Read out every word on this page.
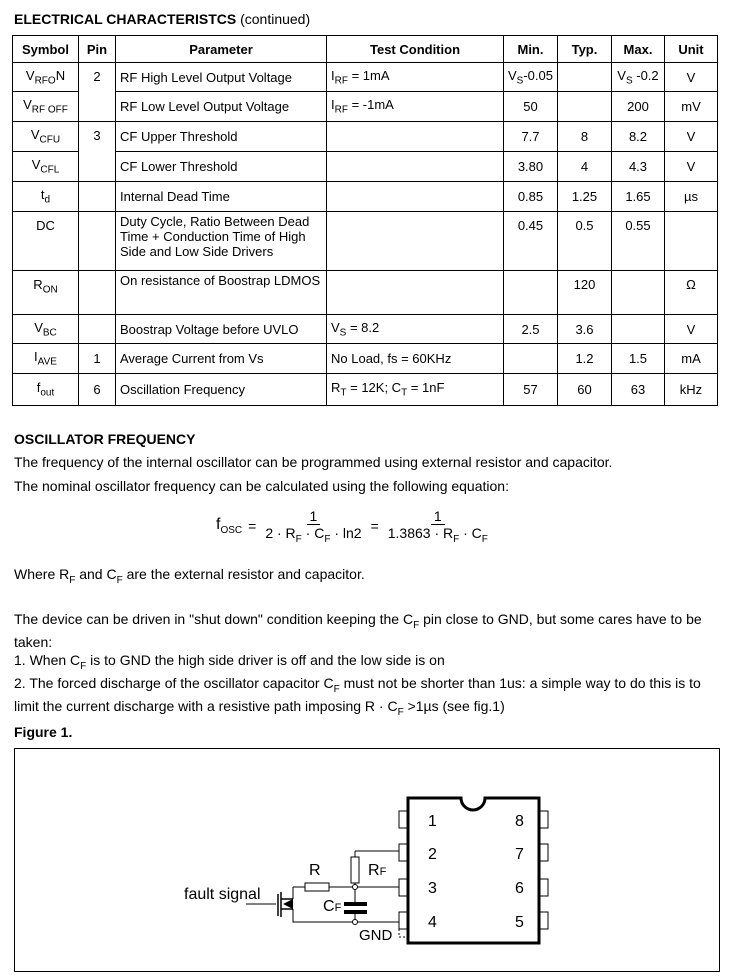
ELECTRICAL CHARACTERISTCS (continued)
Symbol	Pin	Parameter	Test Condition	Min.	Typ.	Max.	Unit
$V_{RFO}N$	2	RF High Level Output Voltage	$I_{RF} = 1mA$	$V_S-0.05$		$V_S$ -0.2	V
$V_{RF OFF}$		RF Low Level Output Voltage	$I_{RF} = -1mA$	50		200	mV
$V_{CFU}$	3	CF Upper Threshold		7.7	8	8.2	V
$V_{CFL}$		CF Lower Threshold		3.80	4	4.3	V
$t_d$		Internal Dead Time		0.85	1.25	1.65	µs
DC		Duty Cycle, Ratio Between Dead Time + Conduction Time of High Side and Low Side Drivers		0.45	0.5	0.55	
$R_{ON}$		On resistance of Boostrap LDMOS			120		Ω
$V_{BC}$		Boostrap Voltage before UVLO	$V_S = 8.2$	2.5	3.6		V
$I_{AVE}$	1	Average Current from Vs	No Load, fs = 60KHz		1.2	1.5	mA
$f_{out}$	6	Oscillation Frequency	$R_T = 12K$; $C_T = 1nF$	57	60	63	kHz
OSCILLATOR FREQUENCY
The frequency of the internal oscillator can be programmed using external resistor and capacitor.
The nominal oscillator frequency can be calculated using the following equation:
$f_{OSC} = \frac{1}{2 \cdot R_F \cdot C_F \cdot \ln 2} = \frac{1}{1.3863 \cdot R_F \cdot C_F}$
Where $R_F$ and $C_F$ are the external resistor and capacitor.
The device can be driven in "shut down" condition keeping the $C_F$ pin close to GND, but some cares have to be taken:
1. When $C_F$ is to GND the high side driver is off and the low side is on
2. The forced discharge of the oscillator capacitor $C_F$ must not be shorter than 1us: a simple way to do this is to limit the current discharge with a resistive path imposing $R \cdot C_F >1\mu s$ (see fig.1)
Figure 1.
1
2
3
4
8
7
6
5
fault signal
R	RF
CF
GND
